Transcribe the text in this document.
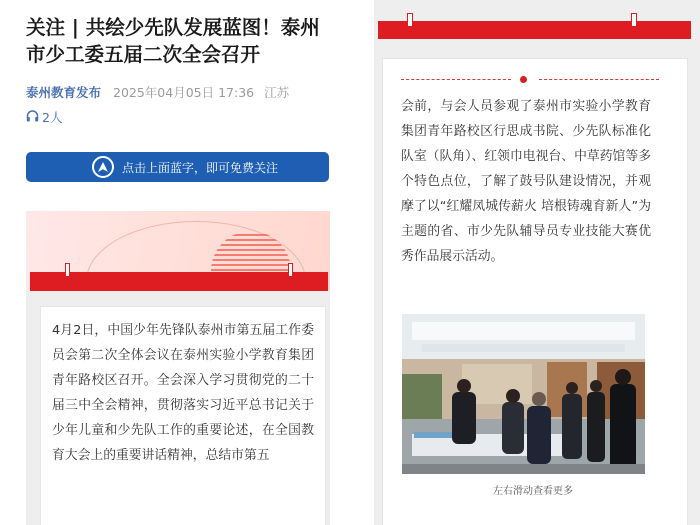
关注 | 共绘少先队发展蓝图！泰州市少工委五届二次全会召开
泰州教育发布 2025年04月05日 17:36 江苏
2人
点击上面蓝字，即可免费关注

4月2日，中国少年先锋队泰州市第五届工作委员会第二次全体会议在泰州实验小学教育集团青年路校区召开。全会深入学习贯彻党的二十届三中全会精神，贯彻落实习近平总书记关于少年儿童和少先队工作的重要论述，在全国教育大会上的重要讲话精神，总结市第五

会前，与会人员参观了泰州市实验小学教育集团青年路校区行思成书院、少先队标准化队室（队角）、红领巾电视台、中草药馆等多个特色点位，了解了鼓号队建设情况，并观摩了以“红耀凤城传薪火 培根铸魂育新人”为主题的省、市少先队辅导员专业技能大赛优秀作品展示活动。

左右滑动查看更多
